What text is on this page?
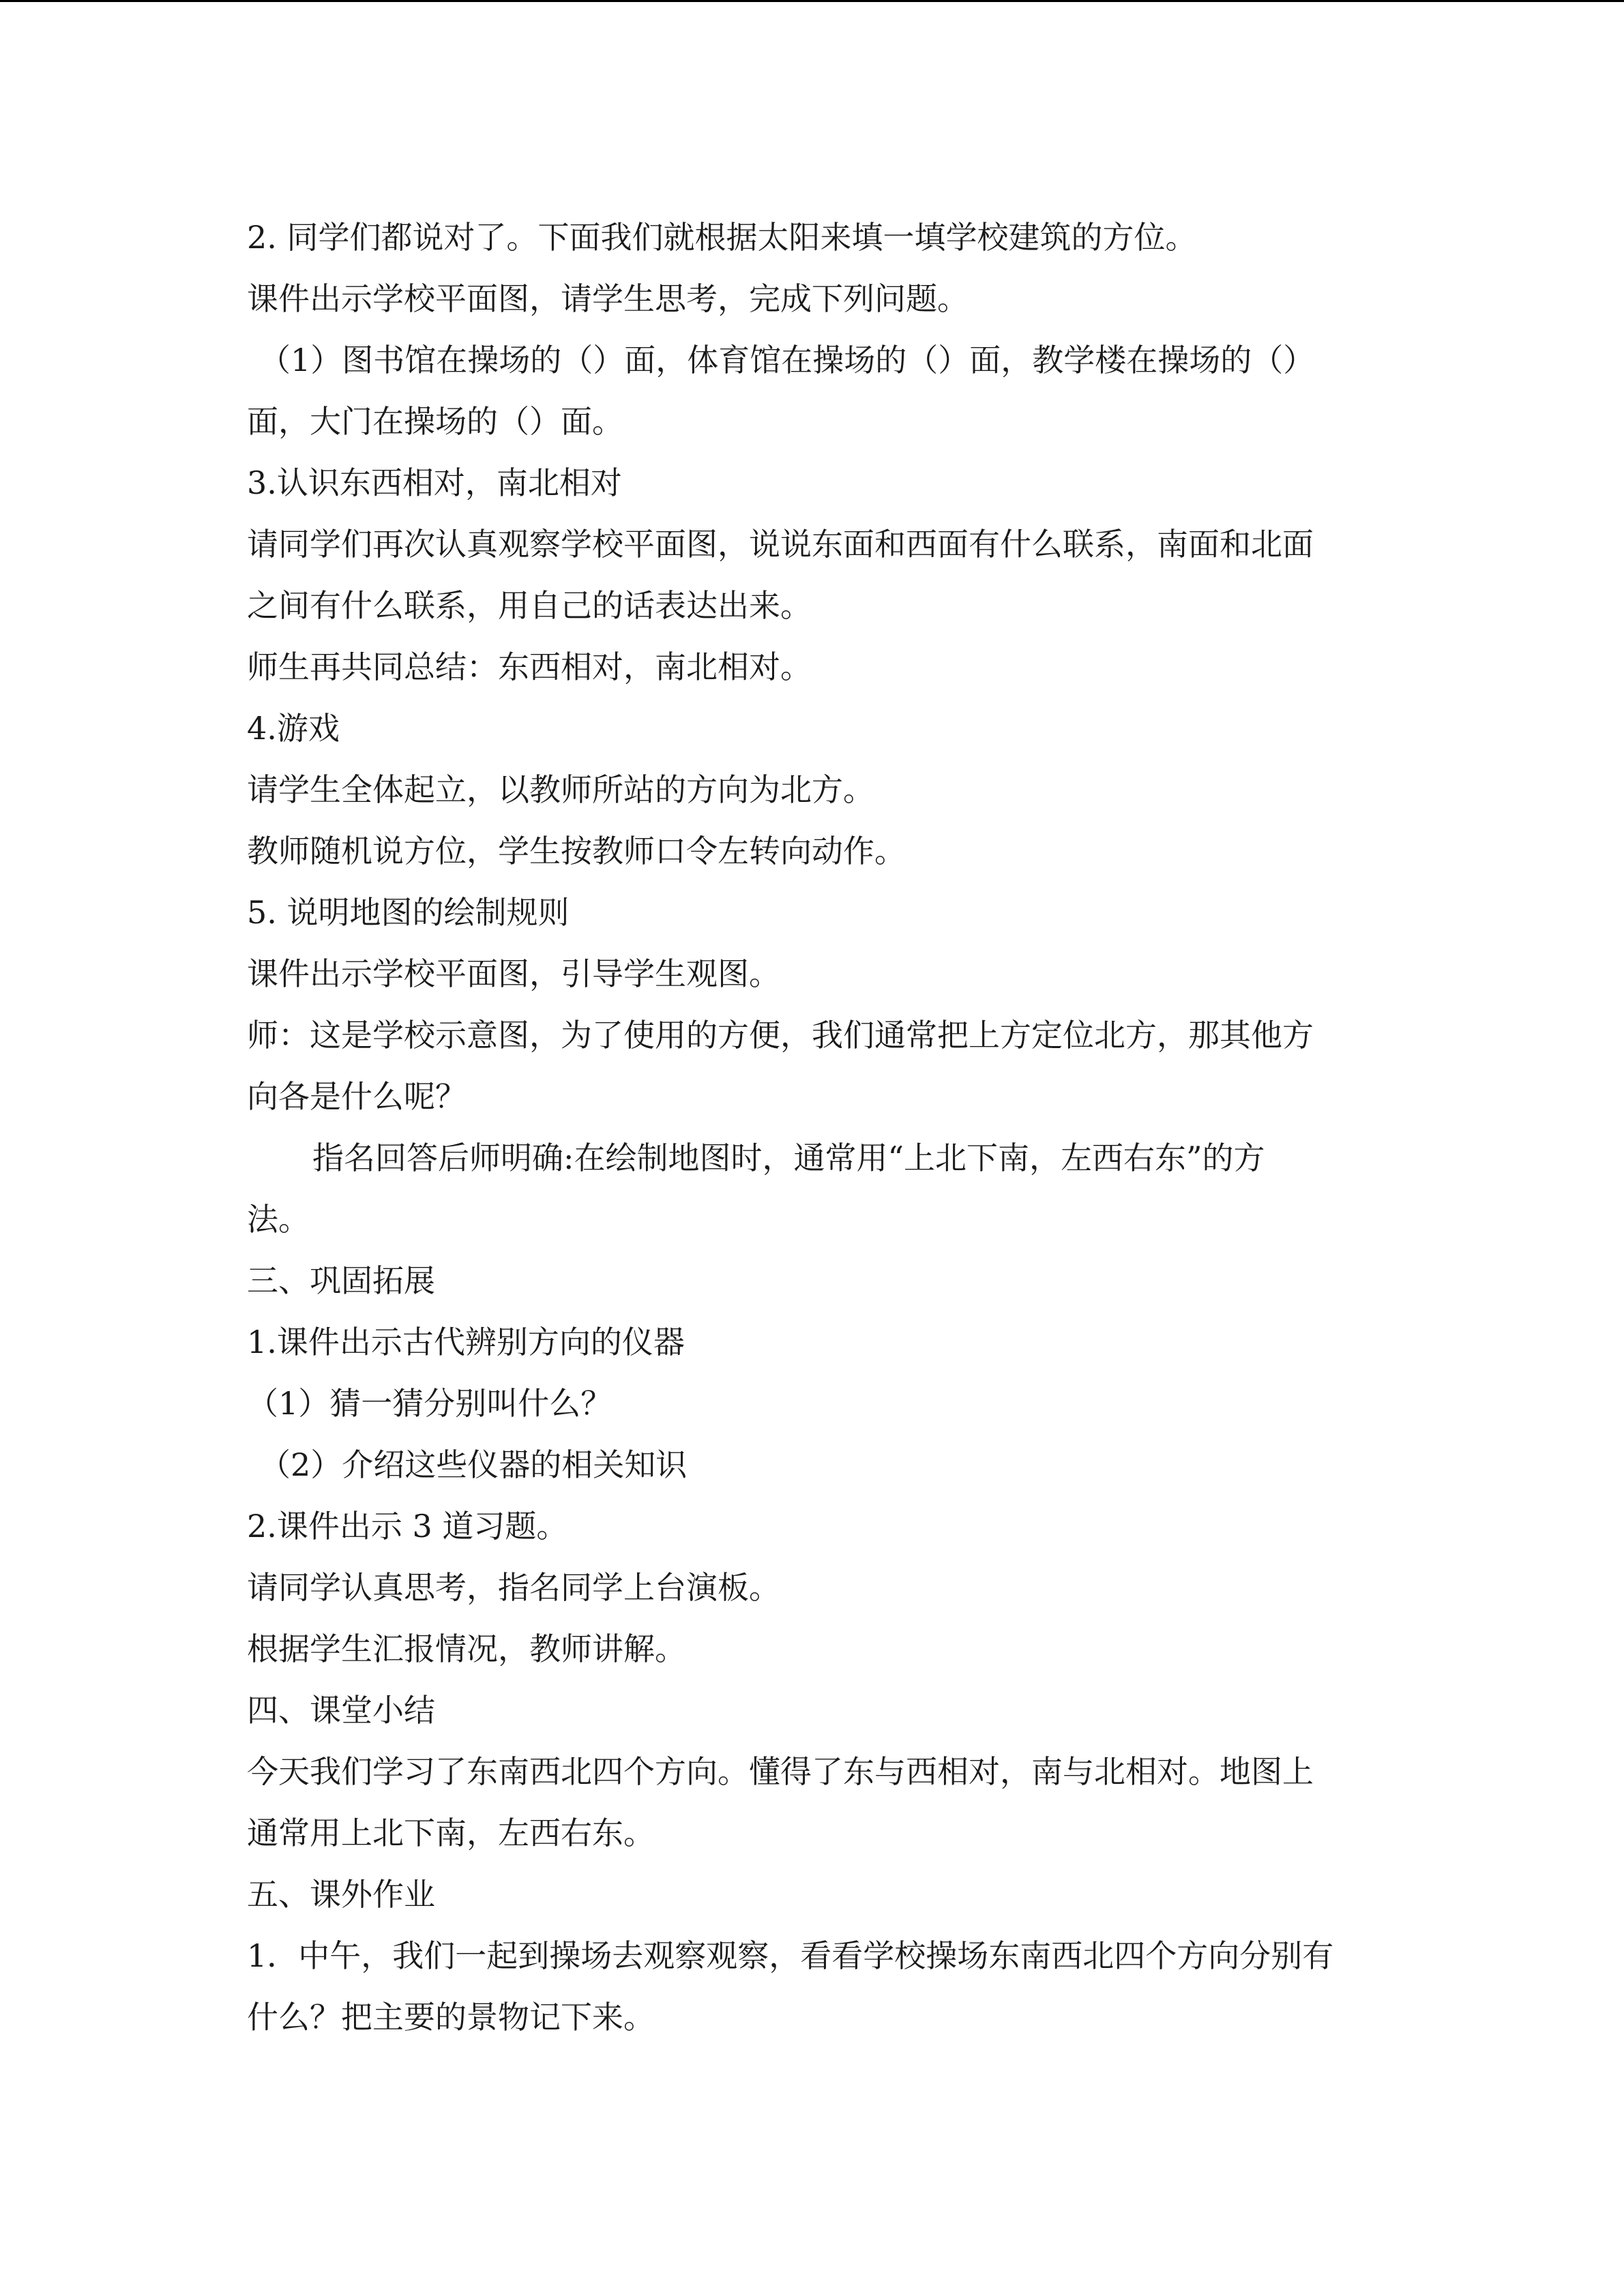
2. 同学们都说对了。下面我们就根据太阳来填一填学校建筑的方位。
课件出示学校平面图，请学生思考，完成下列问题。
（1）图书馆在操场的（）面，体育馆在操场的（）面，教学楼在操场的（）
面，大门在操场的（）面。
3.认识东西相对，南北相对
请同学们再次认真观察学校平面图，说说东面和西面有什么联系，南面和北面
之间有什么联系，用自己的话表达出来。
师生再共同总结：东西相对，南北相对。
4.游戏
请学生全体起立，以教师所站的方向为北方。
教师随机说方位，学生按教师口令左转向动作。
5. 说明地图的绘制规则
课件出示学校平面图，引导学生观图。
师：这是学校示意图，为了使用的方便，我们通常把上方定位北方，那其他方
向各是什么呢？
指名回答后师明确:在绘制地图时，通常用“上北下南，左西右东”的方
法。
三、巩固拓展
1.课件出示古代辨别方向的仪器
（1）猜一猜分别叫什么？
（2）介绍这些仪器的相关知识
2.课件出示 3 道习题。
请同学认真思考，指名同学上台演板。
根据学生汇报情况，教师讲解。
四、课堂小结
今天我们学习了东南西北四个方向。懂得了东与西相对，南与北相对。地图上
通常用上北下南，左西右东。
五、课外作业
1．中午，我们一起到操场去观察观察，看看学校操场东南西北四个方向分别有
什么？把主要的景物记下来。
